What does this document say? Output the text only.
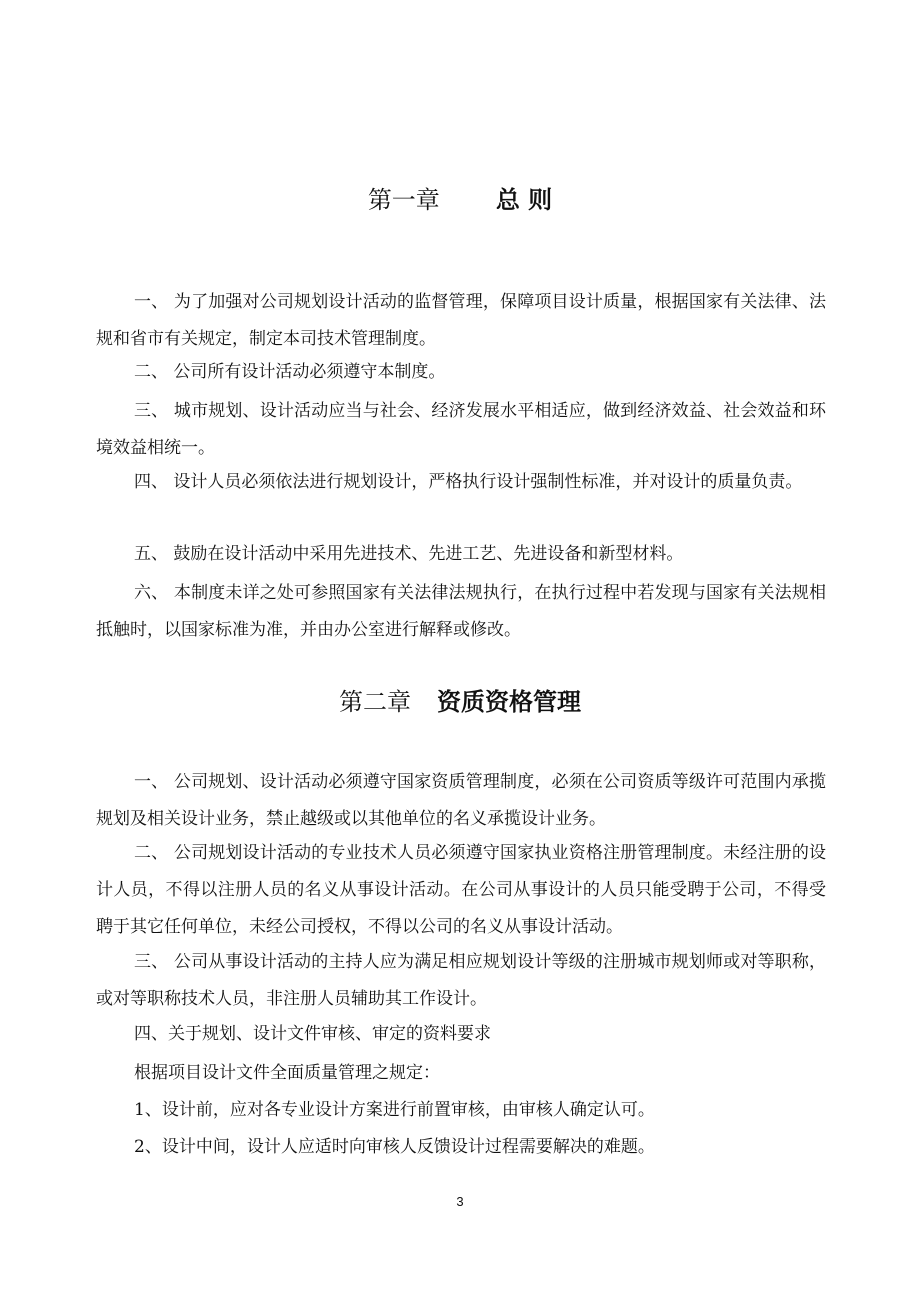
第一章 总 则
一、 为了加强对公司规划设计活动的监督管理，保障项目设计质量，根据国家有关法律、法规和省市有关规定，制定本司技术管理制度。
二、 公司所有设计活动必须遵守本制度。
三、 城市规划、设计活动应当与社会、经济发展水平相适应，做到经济效益、社会效益和环境效益相统一。
四、 设计人员必须依法进行规划设计，严格执行设计强制性标准，并对设计的质量负责。
五、 鼓励在设计活动中采用先进技术、先进工艺、先进设备和新型材料。
六、 本制度未详之处可参照国家有关法律法规执行，在执行过程中若发现与国家有关法规相抵触时，以国家标准为准，并由办公室进行解释或修改。
第二章 资质资格管理
一、 公司规划、设计活动必须遵守国家资质管理制度，必须在公司资质等级许可范围内承揽规划及相关设计业务，禁止越级或以其他单位的名义承揽设计业务。
二、 公司规划设计活动的专业技术人员必须遵守国家执业资格注册管理制度。未经注册的设计人员，不得以注册人员的名义从事设计活动。在公司从事设计的人员只能受聘于公司，不得受聘于其它任何单位，未经公司授权，不得以公司的名义从事设计活动。
三、 公司从事设计活动的主持人应为满足相应规划设计等级的注册城市规划师或对等职称，或对等职称技术人员，非注册人员辅助其工作设计。
四、关于规划、设计文件审核、审定的资料要求
根据项目设计文件全面质量管理之规定：
1、设计前，应对各专业设计方案进行前置审核，由审核人确定认可。
2、设计中间，设计人应适时向审核人反馈设计过程需要解决的难题。
3
